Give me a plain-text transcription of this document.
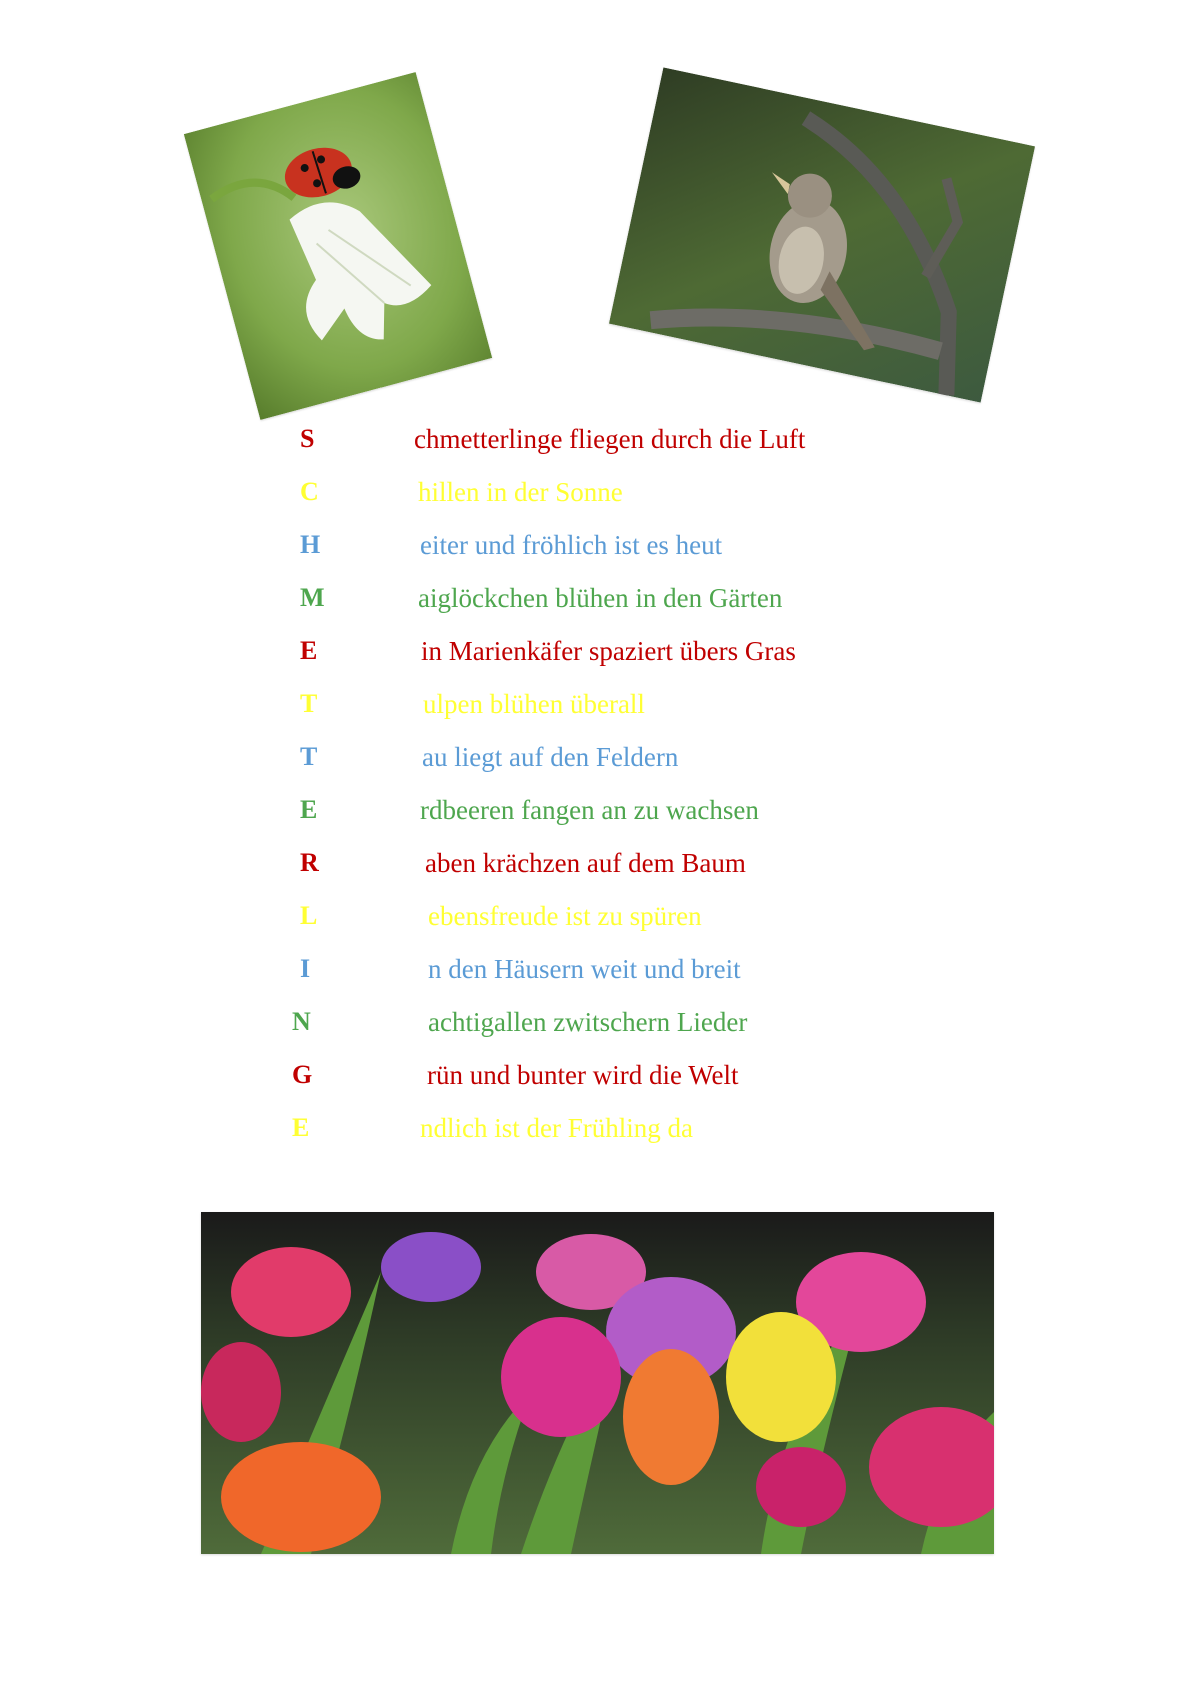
S	chmetterlinge fliegen durch die Luft
C	hillen in der Sonne
H	eiter und fröhlich ist es heut
M	aiglöckchen blühen in den Gärten
E	in Marienkäfer spaziert übers Gras
T	ulpen blühen überall
T	au liegt auf den Feldern
E	rdbeeren fangen an zu wachsen
R	aben krächzen auf dem Baum
L	ebensfreude ist zu spüren
I	n den Häusern weit und breit
N	achtigallen zwitschern Lieder
G	rün und bunter wird die Welt
E	ndlich ist der Frühling da
